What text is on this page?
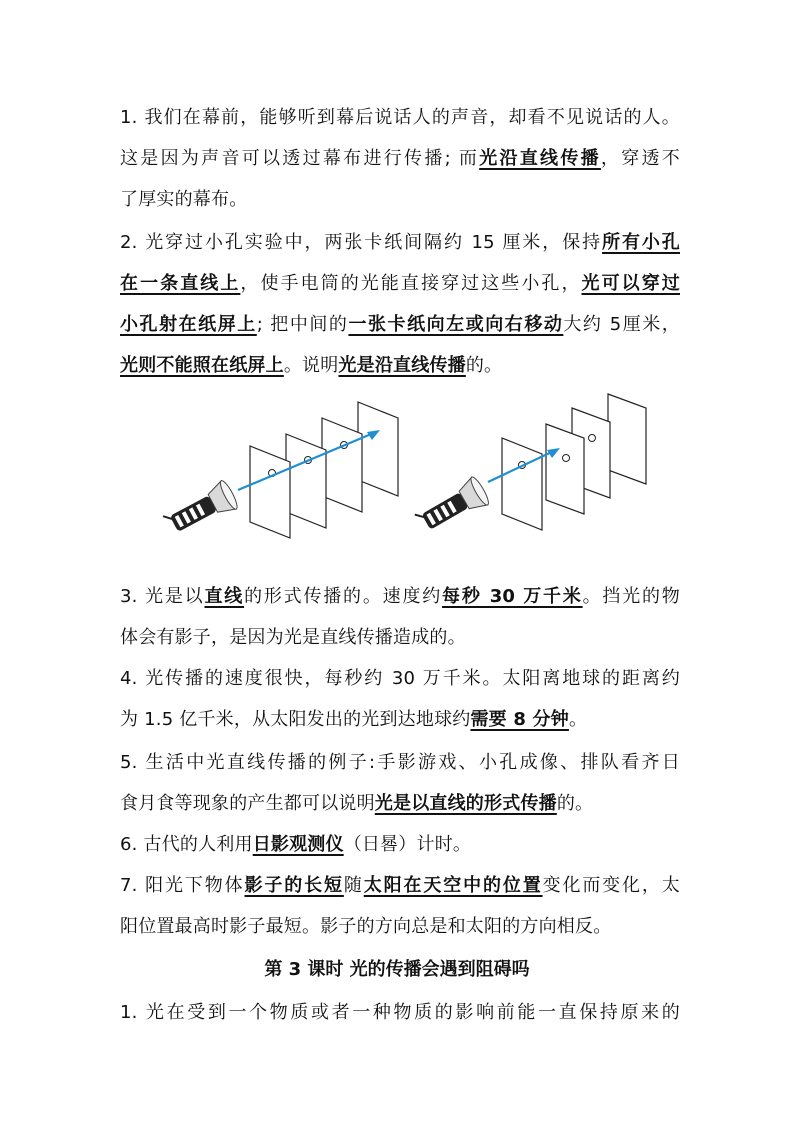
1. 我们在幕前，能够听到幕后说话人的声音，却看不见说话的人。
这是因为声音可以透过幕布进行传播; 而光沿直线传播，穿透不
了厚实的幕布。
2. 光穿过小孔实验中，两张卡纸间隔约 15 厘米，保持所有小孔
在一条直线上，使手电筒的光能直接穿过这些小孔，光可以穿过
小孔射在纸屏上; 把中间的一张卡纸向左或向右移动大约 5厘米，
光则不能照在纸屏上。说明光是沿直线传播的。
3. 光是以直线的形式传播的。速度约每秒 30 万千米。挡光的物
体会有影子，是因为光是直线传播造成的。
4. 光传播的速度很快，每秒约 30 万千米。太阳离地球的距离约
为 1.5 亿千米，从太阳发出的光到达地球约需要 8 分钟。
5. 生活中光直线传播的例子:手影游戏、小孔成像、排队看齐日
食月食等现象的产生都可以说明光是以直线的形式传播的。
6. 古代的人利用日影观测仪（日晷）计时。
7. 阳光下物体影子的长短随太阳在天空中的位置变化而变化，太
阳位置最高时影子最短。影子的方向总是和太阳的方向相反。
第 3 课时 光的传播会遇到阻碍吗
1. 光在受到一个物质或者一种物质的影响前能一直保持原来的
